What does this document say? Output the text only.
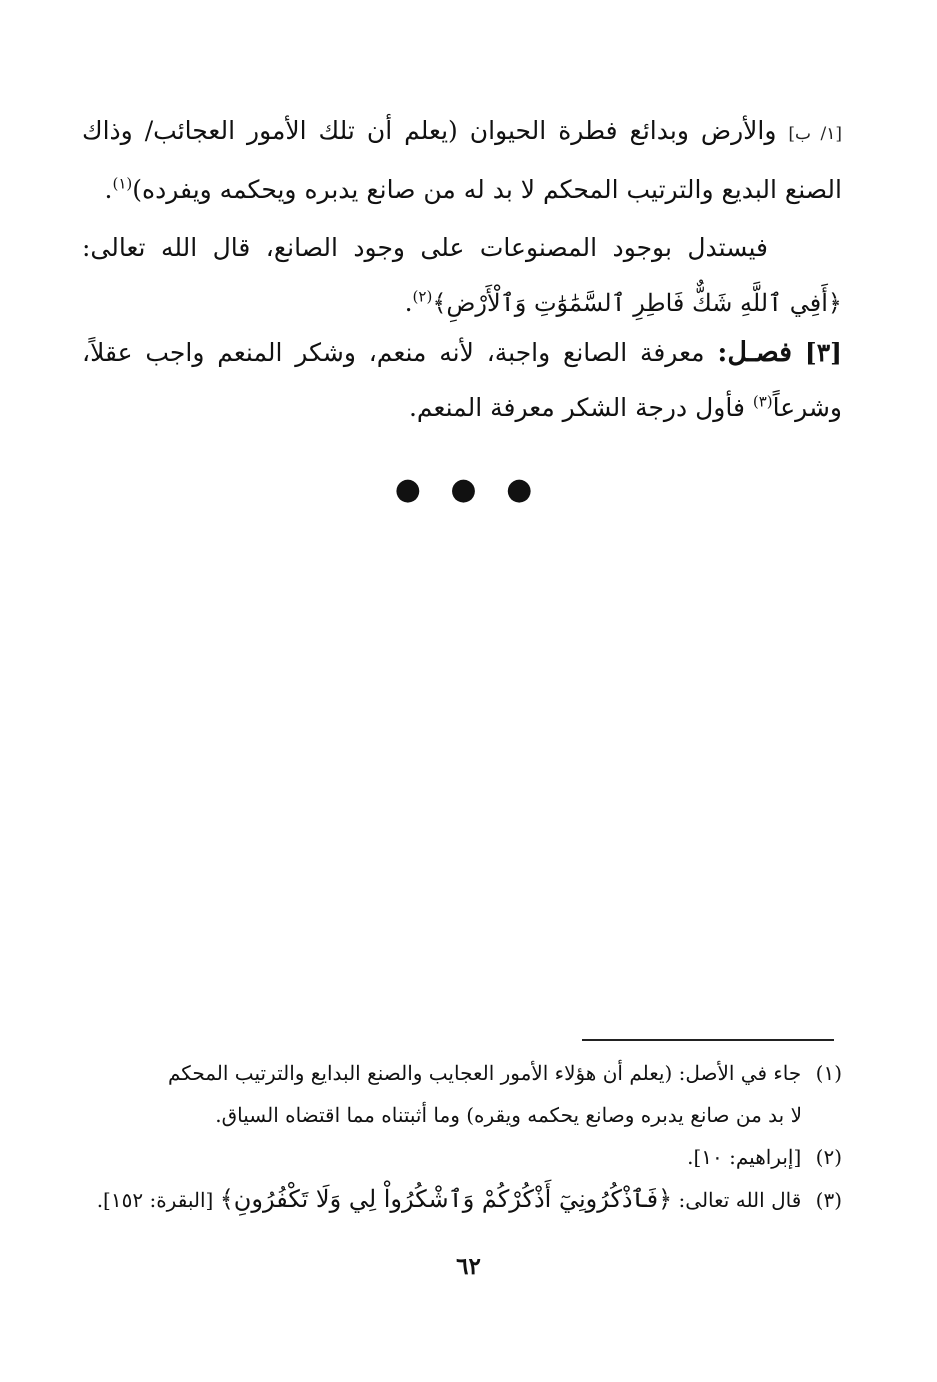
[١/ ب] والأرض وبدائع فطرة الحيوان (يعلم أن تلك الأمور العجائب/ وذاك الصنع البديع والترتيب المحكم لا بد له من صانع يدبره ويحكمه ويفرده)$^{(١)}$.

فيستدل بوجود المصنوعات على وجود الصانع، قال الله تعالى: ﴿أَفِي ٱللَّهِ شَكٌّ فَاطِرِ ٱلسَّمَٰوَٰتِ وَٱلْأَرْضِ﴾$^{(٢)}$.

[٣] فصـل: معرفة الصانع واجبة، لأنه منعم، وشكر المنعم واجب عقلاً، وشرعاً$^{(٣)}$ فأول درجة الشكر معرفة المنعم.

● ● ●

(١) جاء في الأصل: (يعلم أن هؤلاء الأمور العجايب والصنع البدايع والترتيب المحكم

لا بد من صانع يدبره وصانع يحكمه ويقره) وما أثبتناه مما اقتضاه السياق.

(٢) [إبراهيم: ١٠].

(٣) قال الله تعالى: ﴿فَٱذْكُرُونِيٓ أَذْكُرْكُمْ وَٱشْكُرُواْ لِي وَلَا تَكْفُرُونِ﴾ [البقرة: ١٥٢].

٦٢
